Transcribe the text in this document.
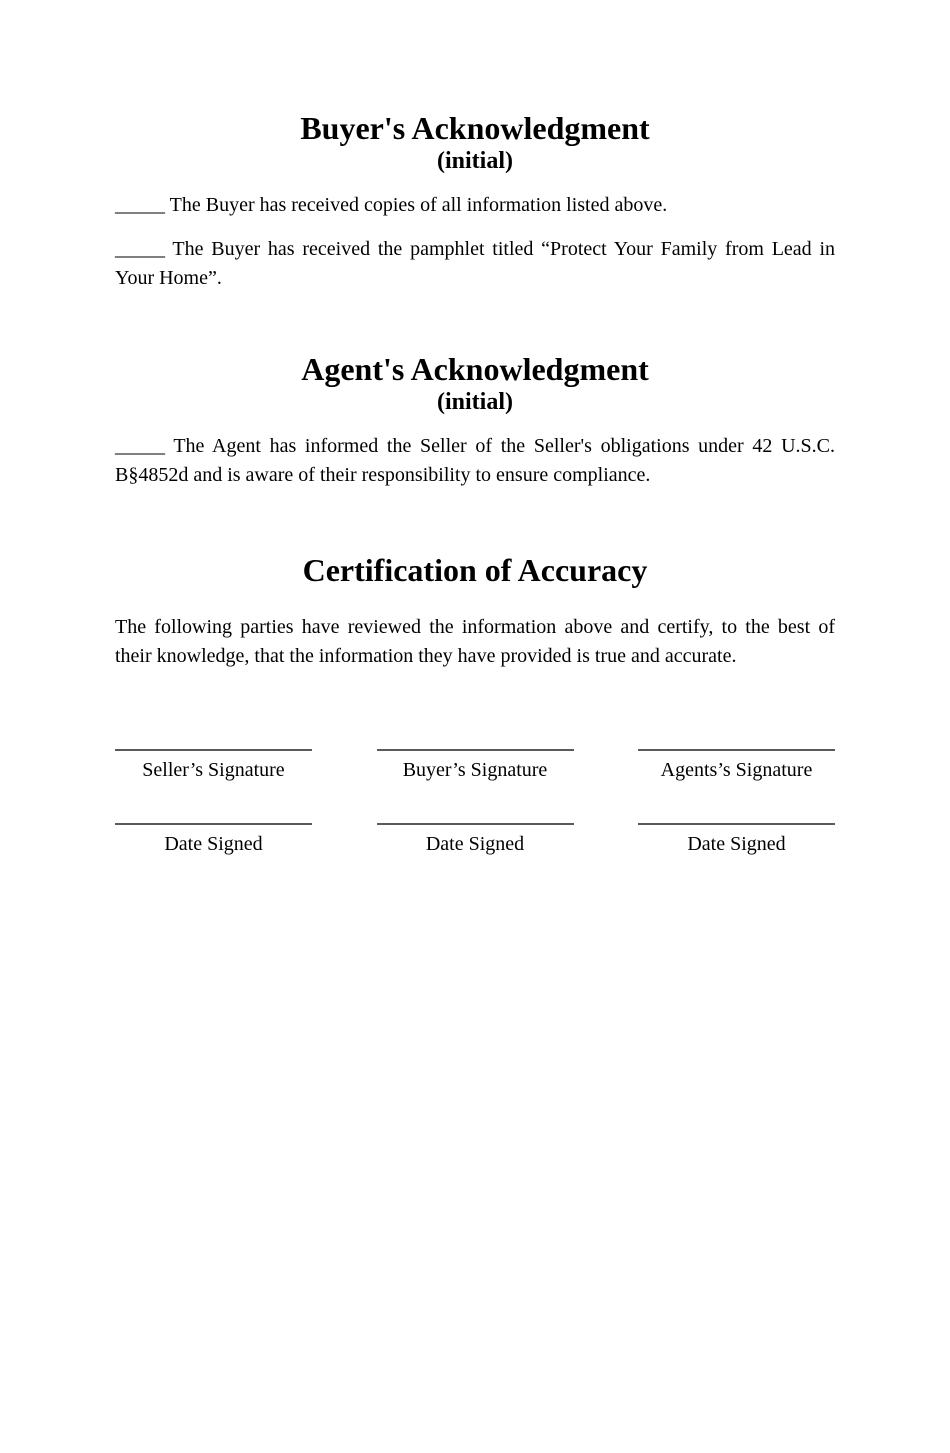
Buyer's Acknowledgment
(initial)

_____ The Buyer has received copies of all information listed above.

_____ The Buyer has received the pamphlet titled “Protect Your Family from Lead in Your Home”.

Agent's Acknowledgment
(initial)

_____ The Agent has informed the Seller of the Seller's obligations under 42 U.S.C. B§4852d and is aware of their responsibility to ensure compliance.

Certification of Accuracy

The following parties have reviewed the information above and certify, to the best of their knowledge, that the information they have provided is true and accurate.

Seller’s Signature	Buyer’s Signature	Agents’s Signature
Date Signed	Date Signed	Date Signed
